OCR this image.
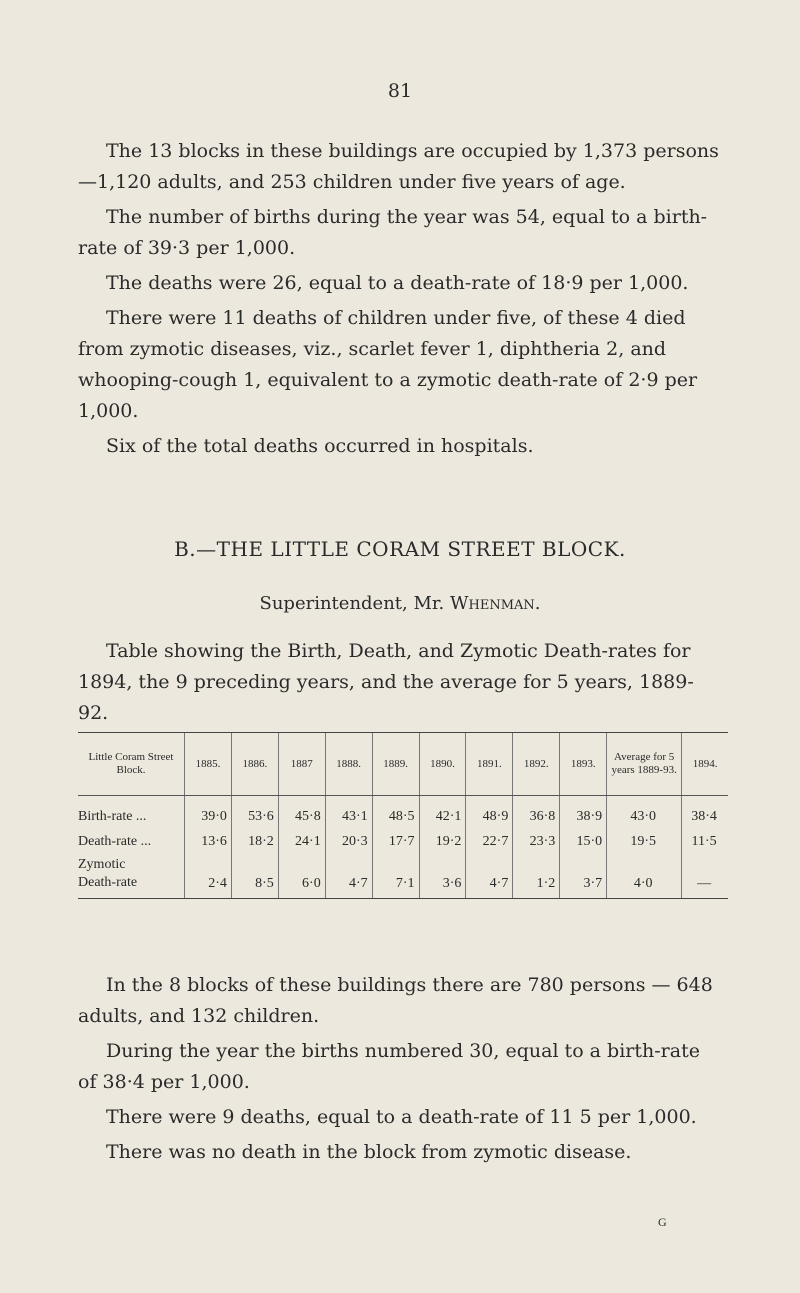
81

The 13 blocks in these buildings are occupied by 1,373 persons—1,120 adults, and 253 children under five years of age.

The number of births during the year was 54, equal to a birth-rate of 39·3 per 1,000.

The deaths were 26, equal to a death-rate of 18·9 per 1,000.

There were 11 deaths of children under five, of these 4 died from zymotic diseases, viz., scarlet fever 1, diphtheria 2, and whooping-cough 1, equivalent to a zymotic death-rate of 2·9 per 1,000.

Six of the total deaths occurred in hospitals.

B.—THE LITTLE CORAM STREET BLOCK.
Superintendent, Mr. Whenman.

Table showing the Birth, Death, and Zymotic Death-rates for 1894, the 9 preceding years, and the average for 5 years, 1889-92.

Little Coram Street Block.	1885.	1886.	1887	1888.	1889.	1890.	1891.	1892.	1893.	Average for 5 years 1889-93.	1894.
Birth-rate ...	39·0	53·6	45·8	43·1	48·5	42·1	48·9	36·8	38·9	43·0	38·4
Death-rate ...	13·6	18·2	24·1	20·3	17·7	19·2	22·7	23·3	15·0	19·5	11·5

Zymotic
Death-rate	2·4	8·5	6·0	4·7	7·1	3·6	4·7	1·2	3·7	4·0	—

In the 8 blocks of these buildings there are 780 persons — 648 adults, and 132 children.

During the year the births numbered 30, equal to a birth-rate of 38·4 per 1,000.

There were 9 deaths, equal to a death-rate of 11 5 per 1,000.

There was no death in the block from zymotic disease.

G
